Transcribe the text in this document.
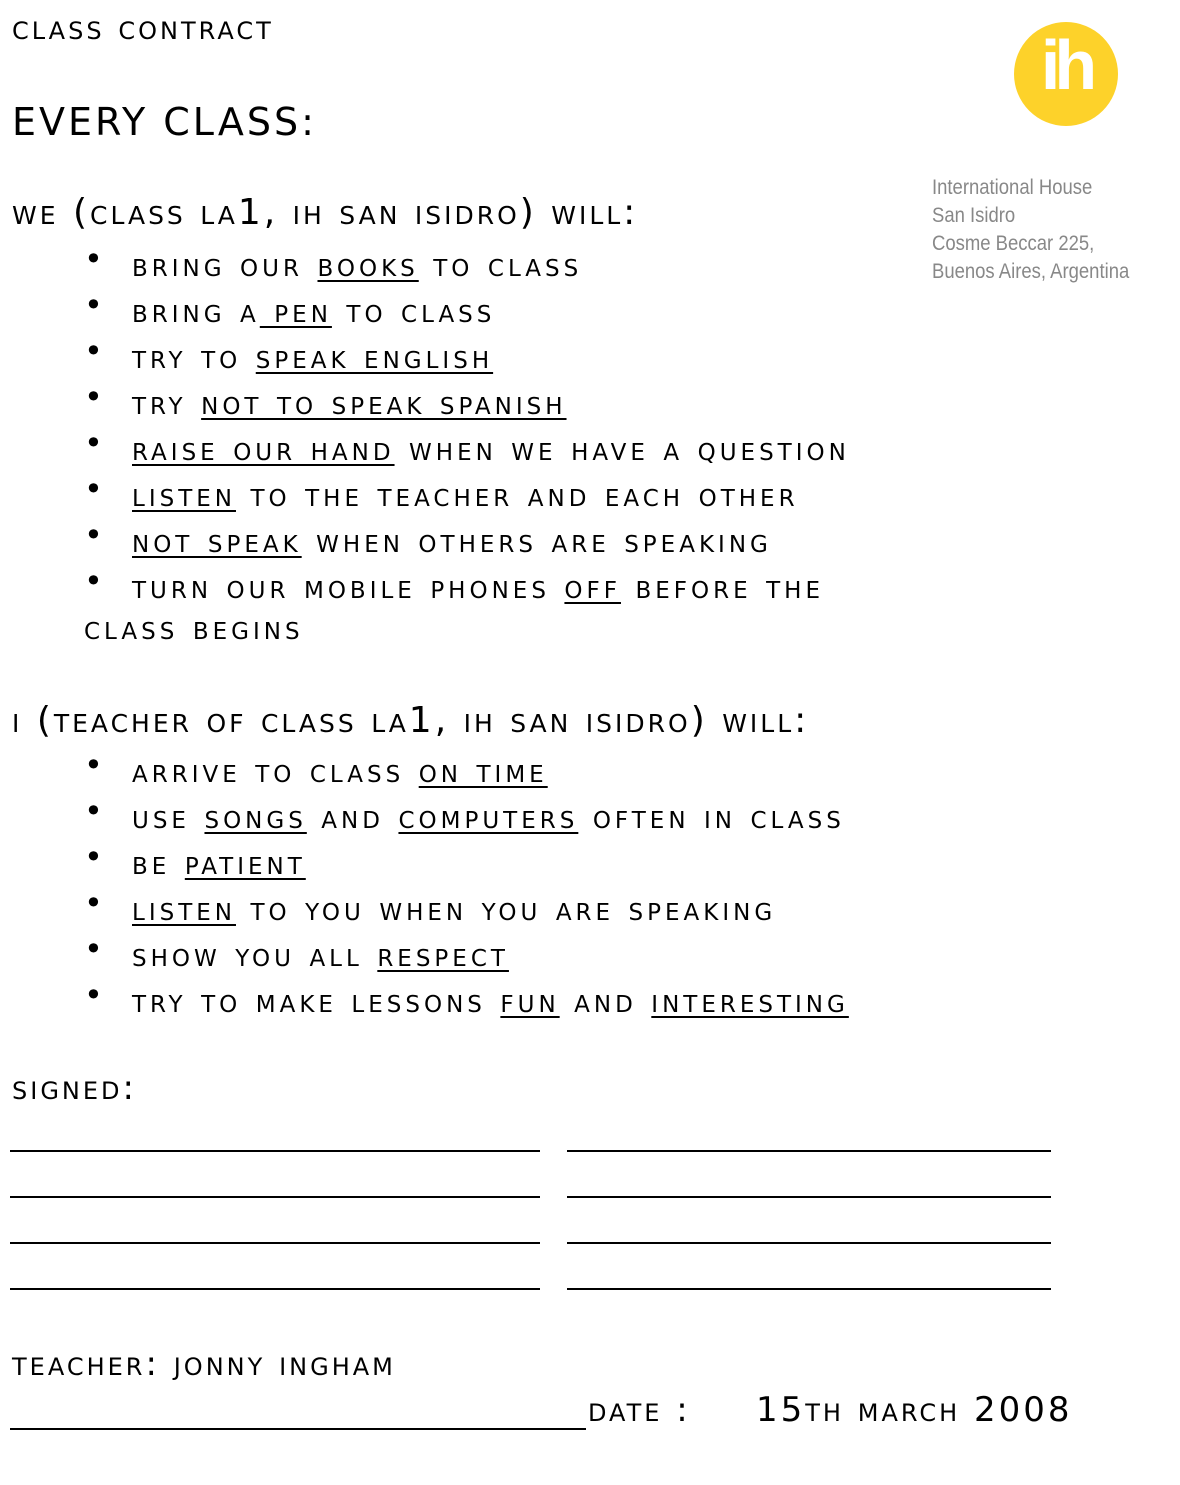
class contract
EVERY CLASS:
we (class la1, ih san isidro) will:
• bring our books to class
• bring a pen to class
• try to speak english
• try not to speak spanish
• raise our hand when we have a question
• listen to the teacher and each other
• not speak when others are speaking
• turn our mobile phones off before the
class begins
i (teacher of class la1, ih san isidro) will:
• arrive to class on time
• use songs and computers often in class
• be patient
• listen to you when you are speaking
• show you all respect
• try to make lessons fun and interesting
signed:
teacher: jonny ingham
date : 15th march 2008
ih
International House
San Isidro
Cosme Beccar 225,
Buenos Aires, Argentina
